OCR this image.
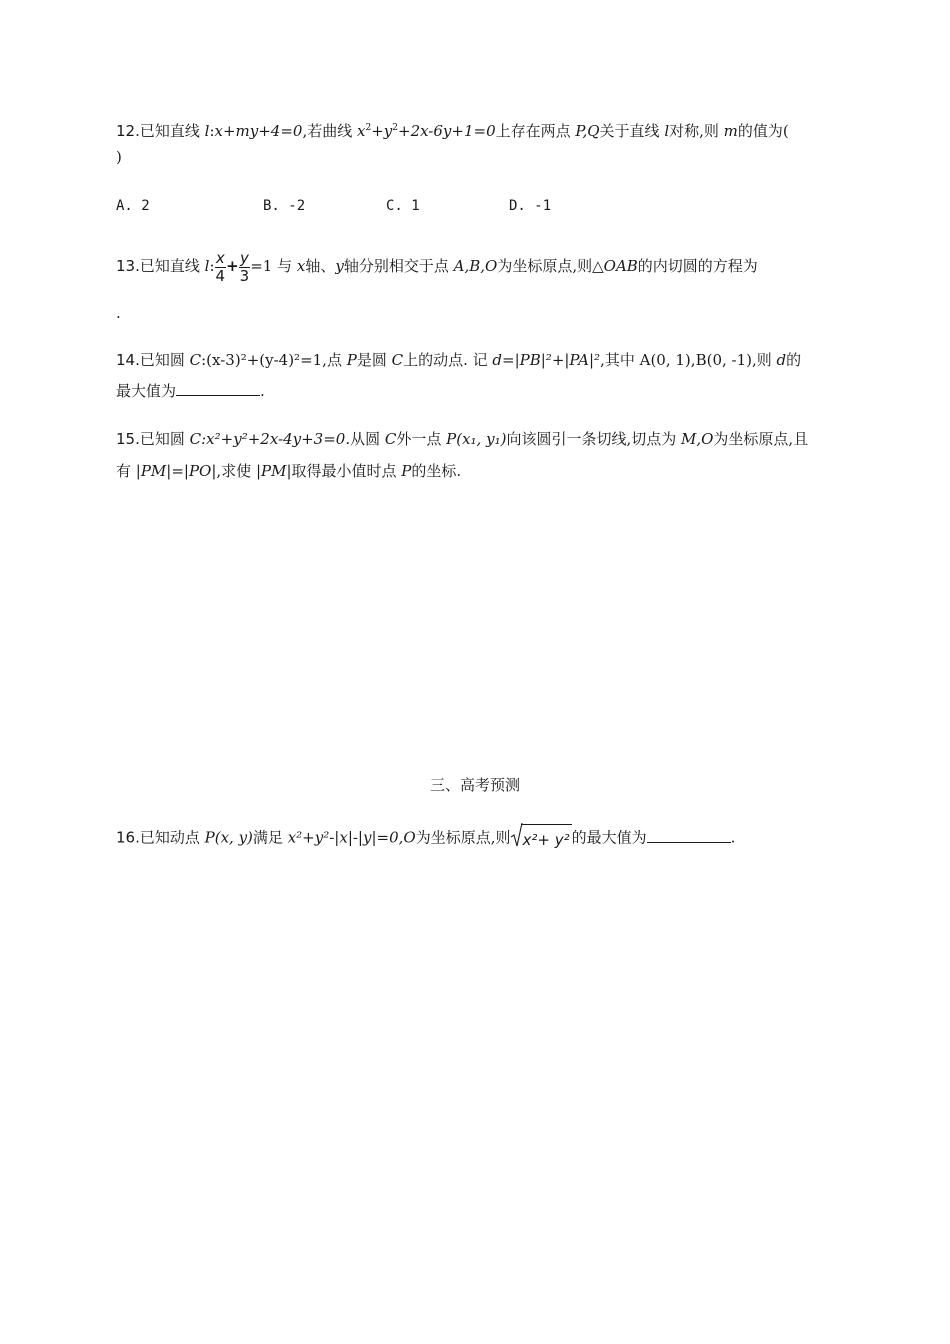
12.已知直线 l:x+my+4=0,若曲线 $x^2+y^2+2x-6y+1=0$上存在两点 P,Q关于直线 l对称,则 m的值为(
)
A. 2	B. -2	C. 1	D. -1
13.已知直线 l: $\frac{x}{4} + \frac{y}{3} =1$ 与 x轴、y轴分别相交于点 A,B,O为坐标原点,则△OAB的内切圆的方程为
.
14.已知圆 C:(x-3)²+(y-4)²=1,点 P是圆 C上的动点. 记 d=|PB|²+|PA|²,其中 A(0, 1),B(0, -1),则 d的
最大值为	.
15.已知圆 C:x²+y²+2x-4y+3=0.从圆 C外一点 P(x₁, y₁)向该圆引一条切线,切点为 M,O为坐标原点,且
有 |PM|=|PO|,求使 |PM|取得最小值时点 P的坐标.
三、高考预测
16.已知动点 P(x, y)满足 x²+y²-|x|-|y|=0,O为坐标原点,则 x²+ y² 的最大值为	.
